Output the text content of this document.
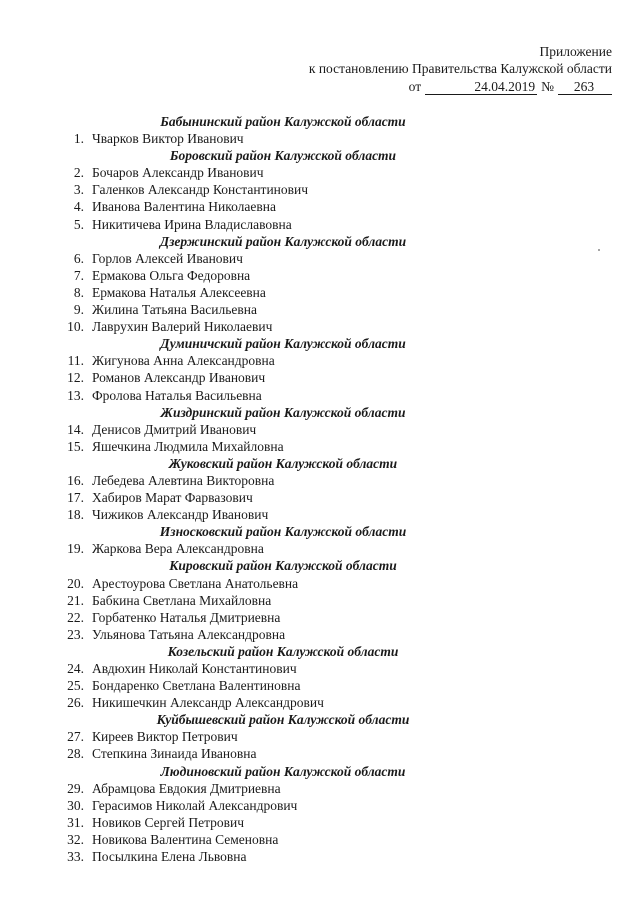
Приложение
к постановлению Правительства Калужской области
от	24.04.2019 №	263
Бабынинский район Калужской области
1. Чварков Виктор Иванович
Боровский район Калужской области
2. Бочаров Александр Иванович
3. Галенков Александр Константинович
4. Иванова Валентина Николаевна
5. Никитичева Ирина Владиславовна
Дзержинский район Калужской области
6. Горлов Алексей Иванович
7. Ермакова Ольга Федоровна
8. Ермакова Наталья Алексеевна
9. Жилина Татьяна Васильевна
10. Лаврухин Валерий Николаевич
Думиничский район Калужской области
11. Жигунова Анна Александровна
12. Романов Александр Иванович
13. Фролова Наталья Васильевна
Жиздринский район Калужской области
14. Денисов Дмитрий Иванович
15. Яшечкина Людмила Михайловна
Жуковский район Калужской области
16. Лебедева Алевтина Викторовна
17. Хабиров Марат Фарвазович
18. Чижиков Александр Иванович
Износковский район Калужской области
19. Жаркова Вера Александровна
Кировский район Калужской области
20. Арестоурова Светлана Анатольевна
21. Бабкина Светлана Михайловна
22. Горбатенко Наталья Дмитриевна
23. Ульянова Татьяна Александровна
Козельский район Калужской области
24. Авдюхин Николай Константинович
25. Бондаренко Светлана Валентиновна
26. Никишечкин Александр Александрович
Куйбышевский район Калужской области
27. Киреев Виктор Петрович
28. Степкина Зинаида Ивановна
Людиновский район Калужской области
29. Абрамцова Евдокия Дмитриевна
30. Герасимов Николай Александрович
31. Новиков Сергей Петрович
32. Новикова Валентина Семеновна
33. Посылкина Елена Львовна
